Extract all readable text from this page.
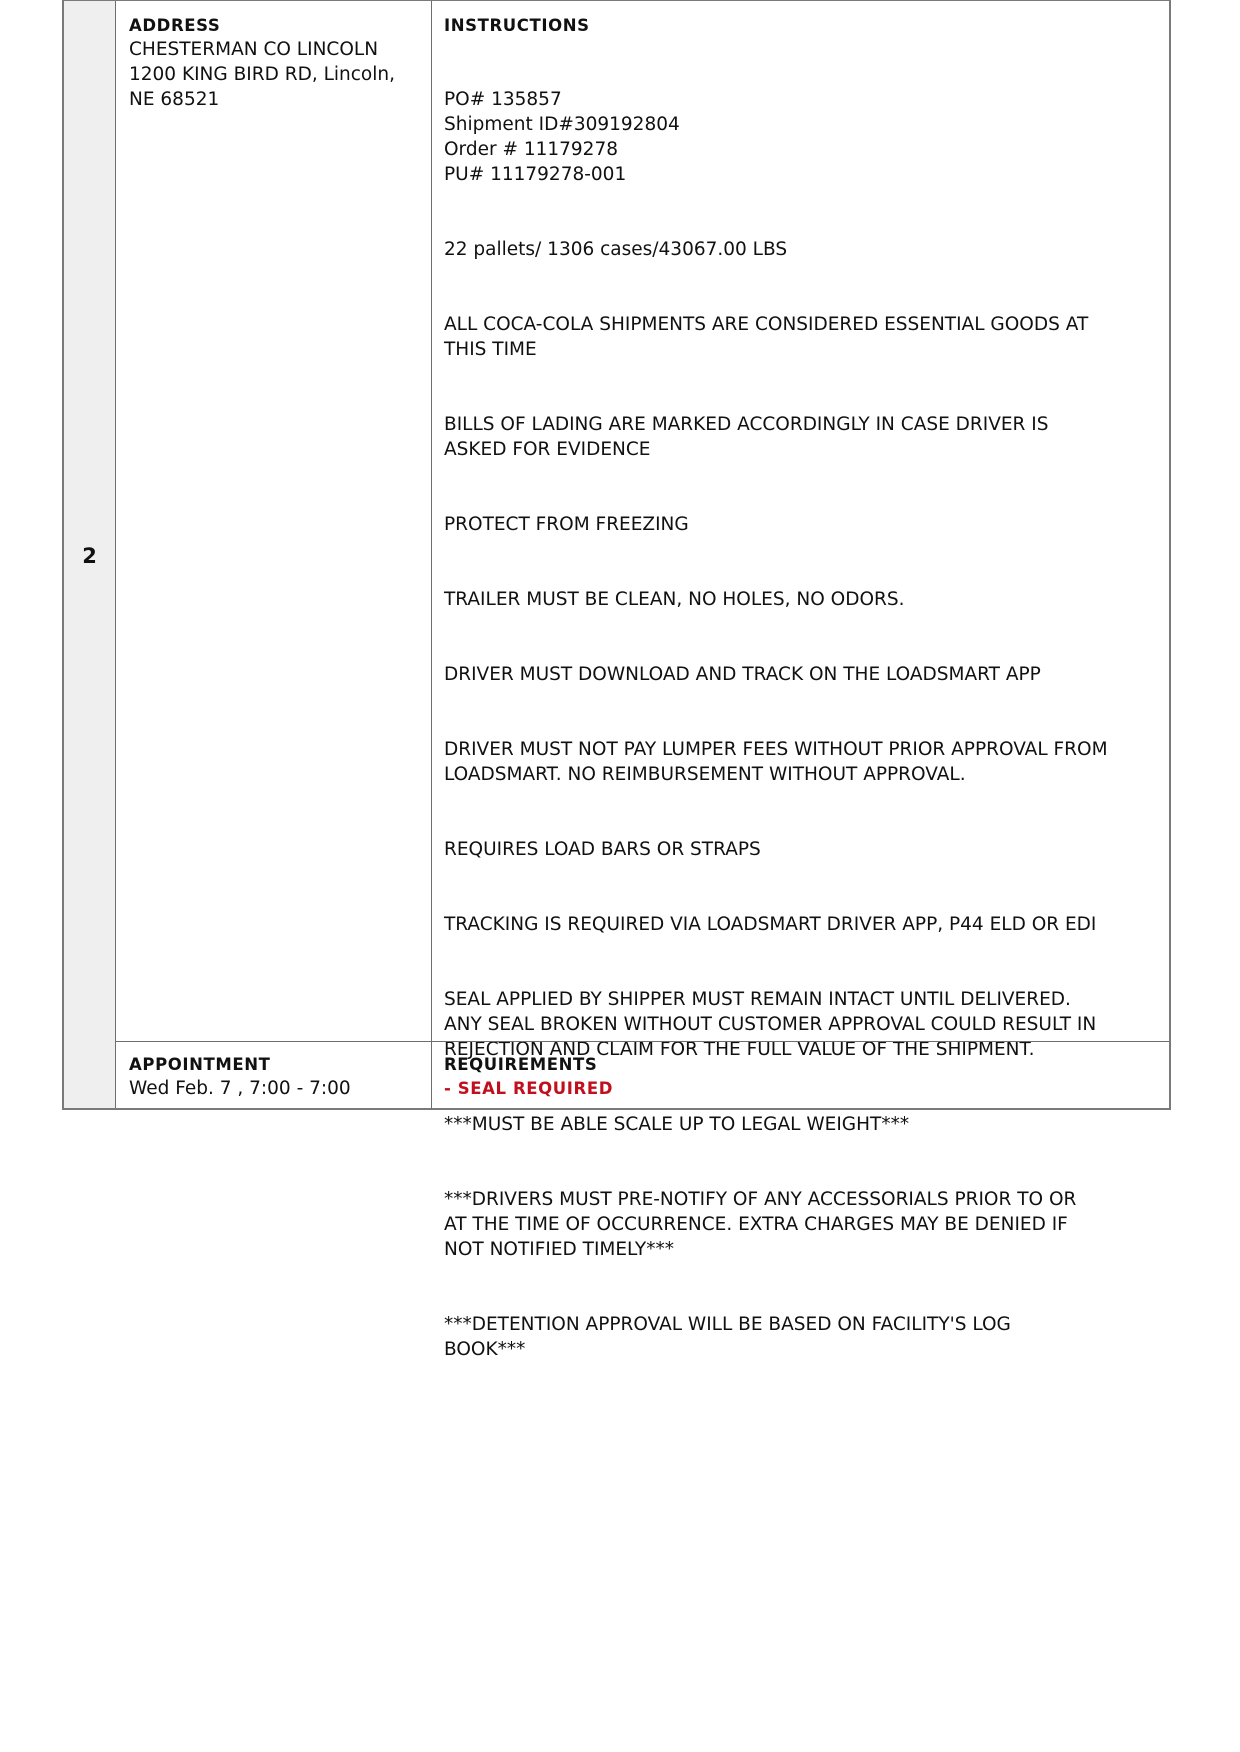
2
ADDRESS
CHESTERMAN CO LINCOLN
1200 KING BIRD RD, Lincoln,
NE 68521
INSTRUCTIONS

PO# 135857
Shipment ID#309192804
Order # 11179278
PU# 11179278-001

22 pallets/ 1306 cases/43067.00 LBS

ALL COCA-COLA SHIPMENTS ARE CONSIDERED ESSENTIAL GOODS AT
THIS TIME

BILLS OF LADING ARE MARKED ACCORDINGLY IN CASE DRIVER IS
ASKED FOR EVIDENCE

PROTECT FROM FREEZING

TRAILER MUST BE CLEAN, NO HOLES, NO ODORS.

DRIVER MUST DOWNLOAD AND TRACK ON THE LOADSMART APP

DRIVER MUST NOT PAY LUMPER FEES WITHOUT PRIOR APPROVAL FROM
LOADSMART. NO REIMBURSEMENT WITHOUT APPROVAL.

REQUIRES LOAD BARS OR STRAPS

TRACKING IS REQUIRED VIA LOADSMART DRIVER APP, P44 ELD OR EDI

SEAL APPLIED BY SHIPPER MUST REMAIN INTACT UNTIL DELIVERED.
ANY SEAL BROKEN WITHOUT CUSTOMER APPROVAL COULD RESULT IN
REJECTION AND CLAIM FOR THE FULL VALUE OF THE SHIPMENT.

***MUST BE ABLE SCALE UP TO LEGAL WEIGHT***

***DRIVERS MUST PRE-NOTIFY OF ANY ACCESSORIALS PRIOR TO OR
AT THE TIME OF OCCURRENCE. EXTRA CHARGES MAY BE DENIED IF
NOT NOTIFIED TIMELY***

***DETENTION APPROVAL WILL BE BASED ON FACILITY'S LOG
BOOK***

APPOINTMENT
Wed Feb. 7 , 7:00 - 7:00
REQUIREMENTS
- SEAL REQUIRED
